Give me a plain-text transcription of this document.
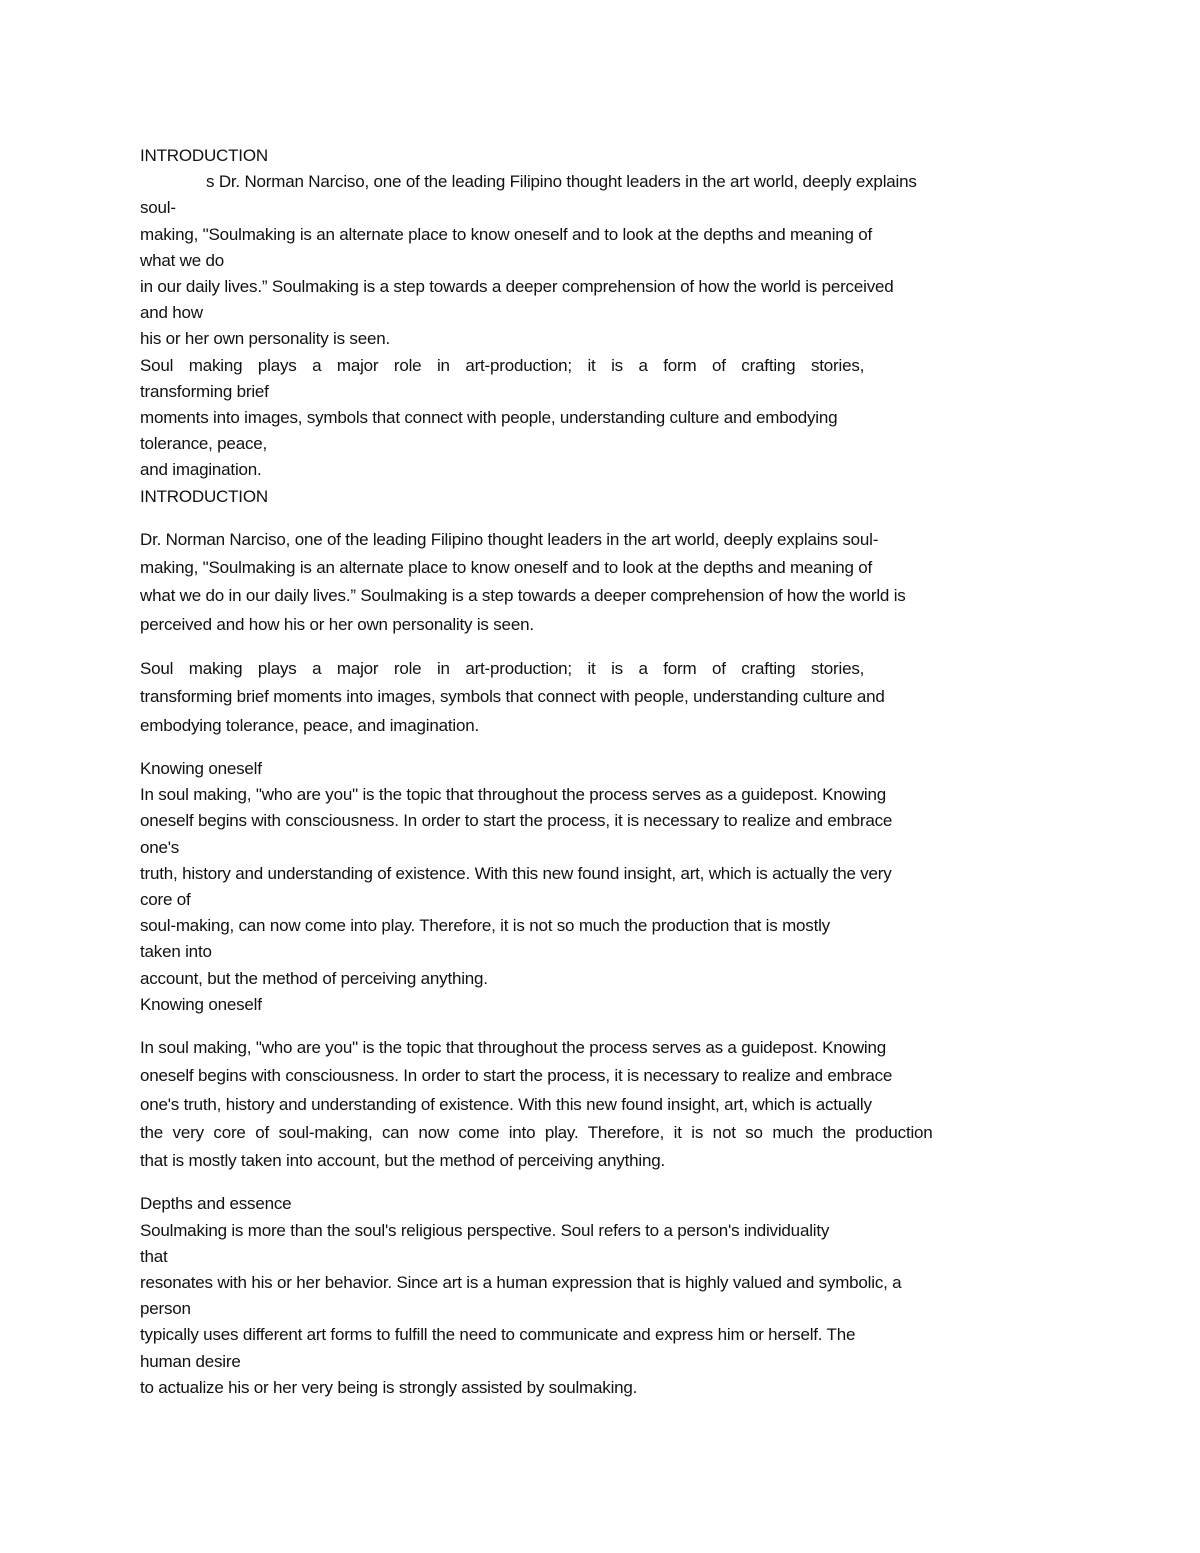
INTRODUCTION
s Dr. Norman Narciso, one of the leading Filipino thought leaders in the art world, deeply explains
soul-
making, "Soulmaking is an alternate place to know oneself and to look at the depths and meaning of
what we do
in our daily lives.” Soulmaking is a step towards a deeper comprehension of how the world is perceived
and how
his or her own personality is seen.
Soul making plays a major role in art-production; it is a form of crafting stories,
transforming brief
moments into images, symbols that connect with people, understanding culture and embodying
tolerance, peace,
and imagination.
INTRODUCTION

Dr. Norman Narciso, one of the leading Filipino thought leaders in the art world, deeply explains soul-
making, "Soulmaking is an alternate place to know oneself and to look at the depths and meaning of
what we do in our daily lives.” Soulmaking is a step towards a deeper comprehension of how the world is
perceived and how his or her own personality is seen.

Soul making plays a major role in art-production; it is a form of crafting stories,
transforming brief moments into images, symbols that connect with people, understanding culture and
embodying tolerance, peace, and imagination.

Knowing oneself
In soul making, "who are you" is the topic that throughout the process serves as a guidepost. Knowing
oneself begins with consciousness. In order to start the process, it is necessary to realize and embrace
one's
truth, history and understanding of existence. With this new found insight, art, which is actually the very
core of
soul-making, can now come into play. Therefore, it is not so much the production that is mostly
taken into
account, but the method of perceiving anything.
Knowing oneself

In soul making, "who are you" is the topic that throughout the process serves as a guidepost. Knowing
oneself begins with consciousness. In order to start the process, it is necessary to realize and embrace
one's truth, history and understanding of existence. With this new found insight, art, which is actually
the very core of soul-making, can now come into play. Therefore, it is not so much the production
that is mostly taken into account, but the method of perceiving anything.

Depths and essence
Soulmaking is more than the soul's religious perspective. Soul refers to a person's individuality
that
resonates with his or her behavior. Since art is a human expression that is highly valued and symbolic, a
person
typically uses different art forms to fulfill the need to communicate and express him or herself. The
human desire
to actualize his or her very being is strongly assisted by soulmaking.
